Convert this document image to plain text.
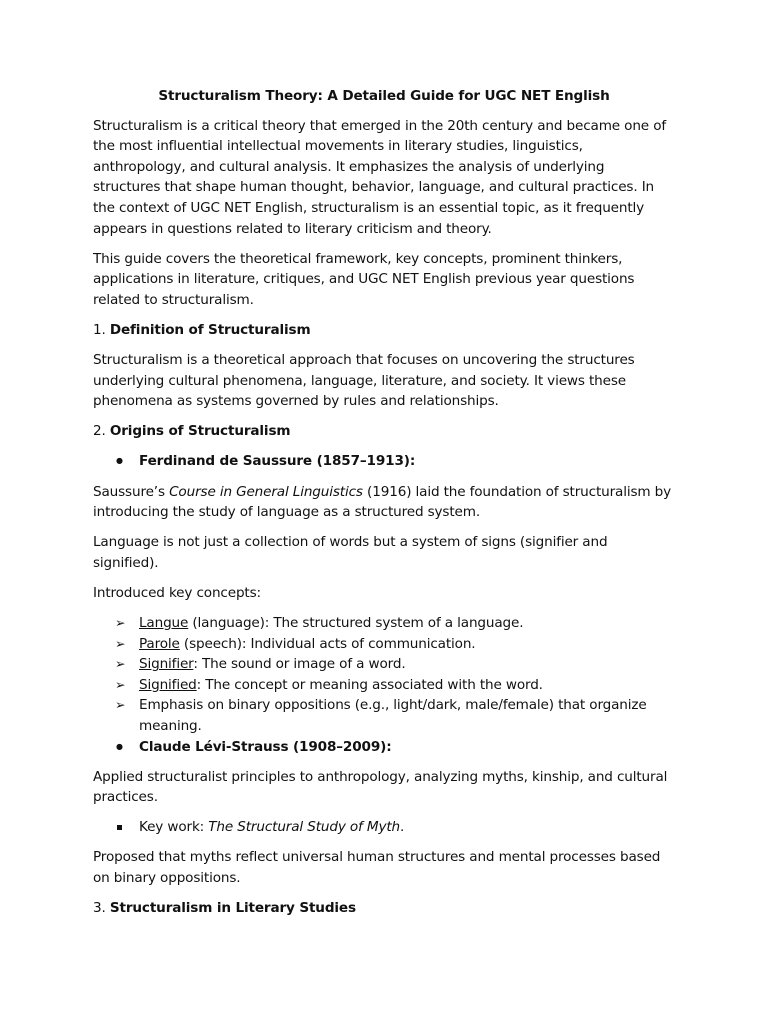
Structuralism Theory: A Detailed Guide for UGC NET English

Structuralism is a critical theory that emerged in the 20th century and became one of the most influential intellectual movements in literary studies, linguistics, anthropology, and cultural analysis. It emphasizes the analysis of underlying structures that shape human thought, behavior, language, and cultural practices. In the context of UGC NET English, structuralism is an essential topic, as it frequently appears in questions related to literary criticism and theory.

This guide covers the theoretical framework, key concepts, prominent thinkers, applications in literature, critiques, and UGC NET English previous year questions related to structuralism.

1. Definition of Structuralism

Structuralism is a theoretical approach that focuses on uncovering the structures underlying cultural phenomena, language, literature, and society. It views these phenomena as systems governed by rules and relationships.

2. Origins of Structuralism
● Ferdinand de Saussure (1857–1913):

Saussure’s Course in General Linguistics (1916) laid the foundation of structuralism by introducing the study of language as a structured system.

Language is not just a collection of words but a system of signs (signifier and signified).

Introduced key concepts:

➢ Langue (language): The structured system of a language.
➢ Parole (speech): Individual acts of communication.
➢ Signifier: The sound or image of a word.
➢ Signified: The concept or meaning associated with the word.
➢ Emphasis on binary oppositions (e.g., light/dark, male/female) that organize meaning.
● Claude Lévi-Strauss (1908–2009):

Applied structuralist principles to anthropology, analyzing myths, kinship, and cultural practices.

Key work: The Structural Study of Myth.

Proposed that myths reflect universal human structures and mental processes based on binary oppositions.

3. Structuralism in Literary Studies
